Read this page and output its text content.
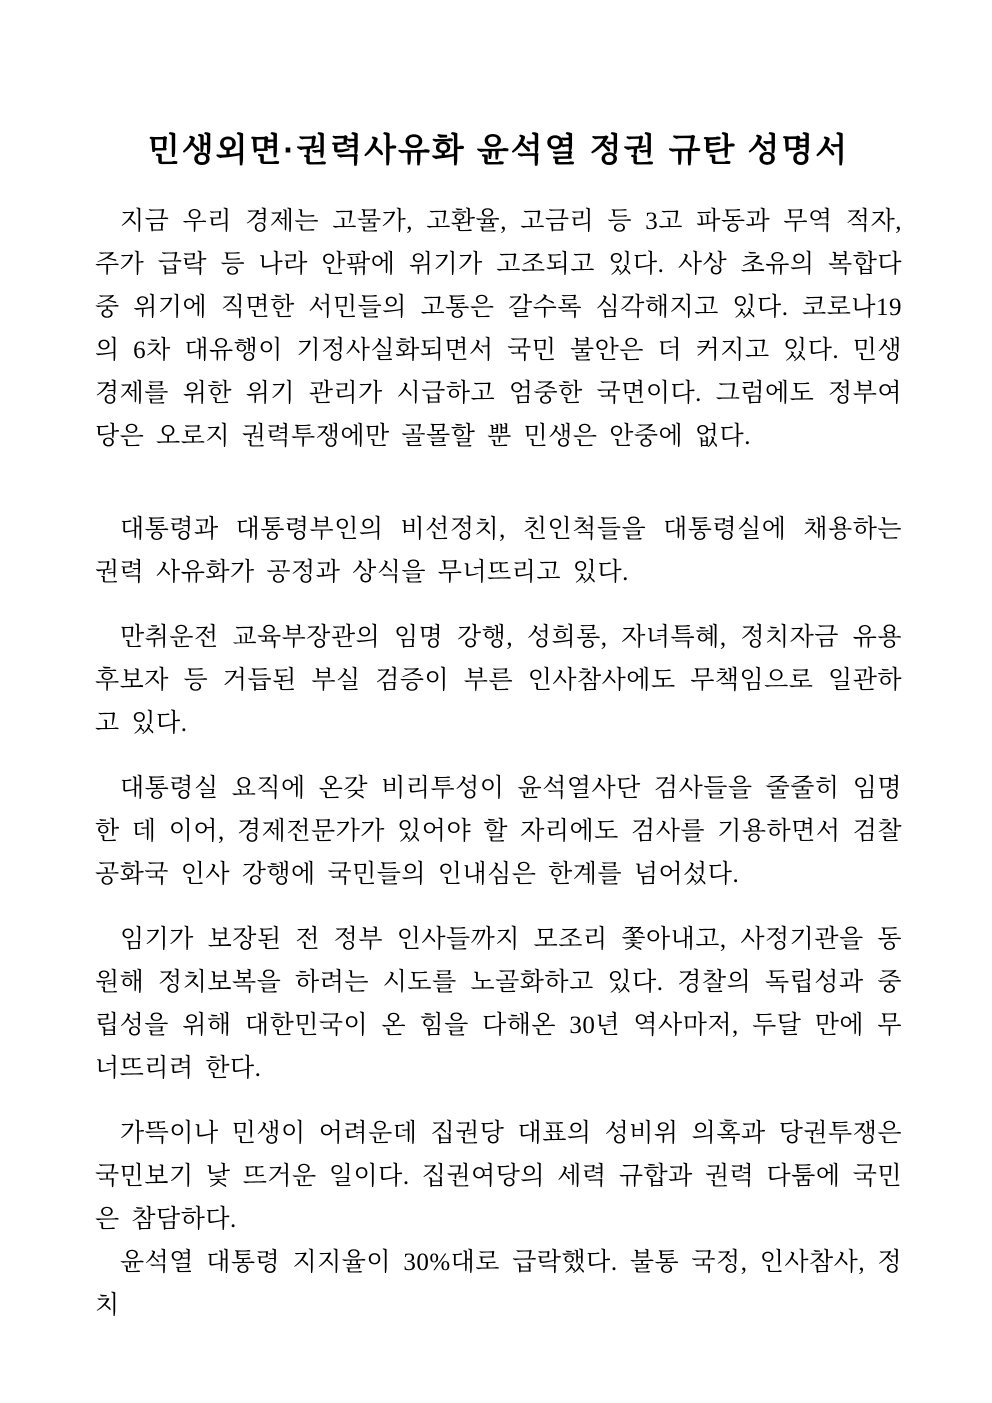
민생외면·권력사유화 윤석열 정권 규탄 성명서

지금 우리 경제는 고물가, 고환율, 고금리 등 3고 파동과 무역 적자, 주가 급락 등 나라 안팎에 위기가 고조되고 있다. 사상 초유의 복합다중 위기에 직면한 서민들의 고통은 갈수록 심각해지고 있다. 코로나19의 6차 대유행이 기정사실화되면서 국민 불안은 더 커지고 있다. 민생경제를 위한 위기 관리가 시급하고 엄중한 국면이다. 그럼에도 정부여당은 오로지 권력투쟁에만 골몰할 뿐 민생은 안중에 없다.

대통령과 대통령부인의 비선정치, 친인척들을 대통령실에 채용하는 권력 사유화가 공정과 상식을 무너뜨리고 있다.

만취운전 교육부장관의 임명 강행, 성희롱, 자녀특혜, 정치자금 유용 후보자 등 거듭된 부실 검증이 부른 인사참사에도 무책임으로 일관하고 있다.

대통령실 요직에 온갖 비리투성이 윤석열사단 검사들을 줄줄히 임명한 데 이어, 경제전문가가 있어야 할 자리에도 검사를 기용하면서 검찰공화국 인사 강행에 국민들의 인내심은 한계를 넘어섰다.

임기가 보장된 전 정부 인사들까지 모조리 쫓아내고, 사정기관을 동원해 정치보복을 하려는 시도를 노골화하고 있다. 경찰의 독립성과 중립성을 위해 대한민국이 온 힘을 다해온 30년 역사마저, 두달 만에 무너뜨리려 한다.

가뜩이나 민생이 어려운데 집권당 대표의 성비위 의혹과 당권투쟁은 국민보기 낯 뜨거운 일이다. 집권여당의 세력 규합과 권력 다툼에 국민은 참담하다.

윤석열 대통령 지지율이 30%대로 급락했다. 불통 국정, 인사참사, 정치
